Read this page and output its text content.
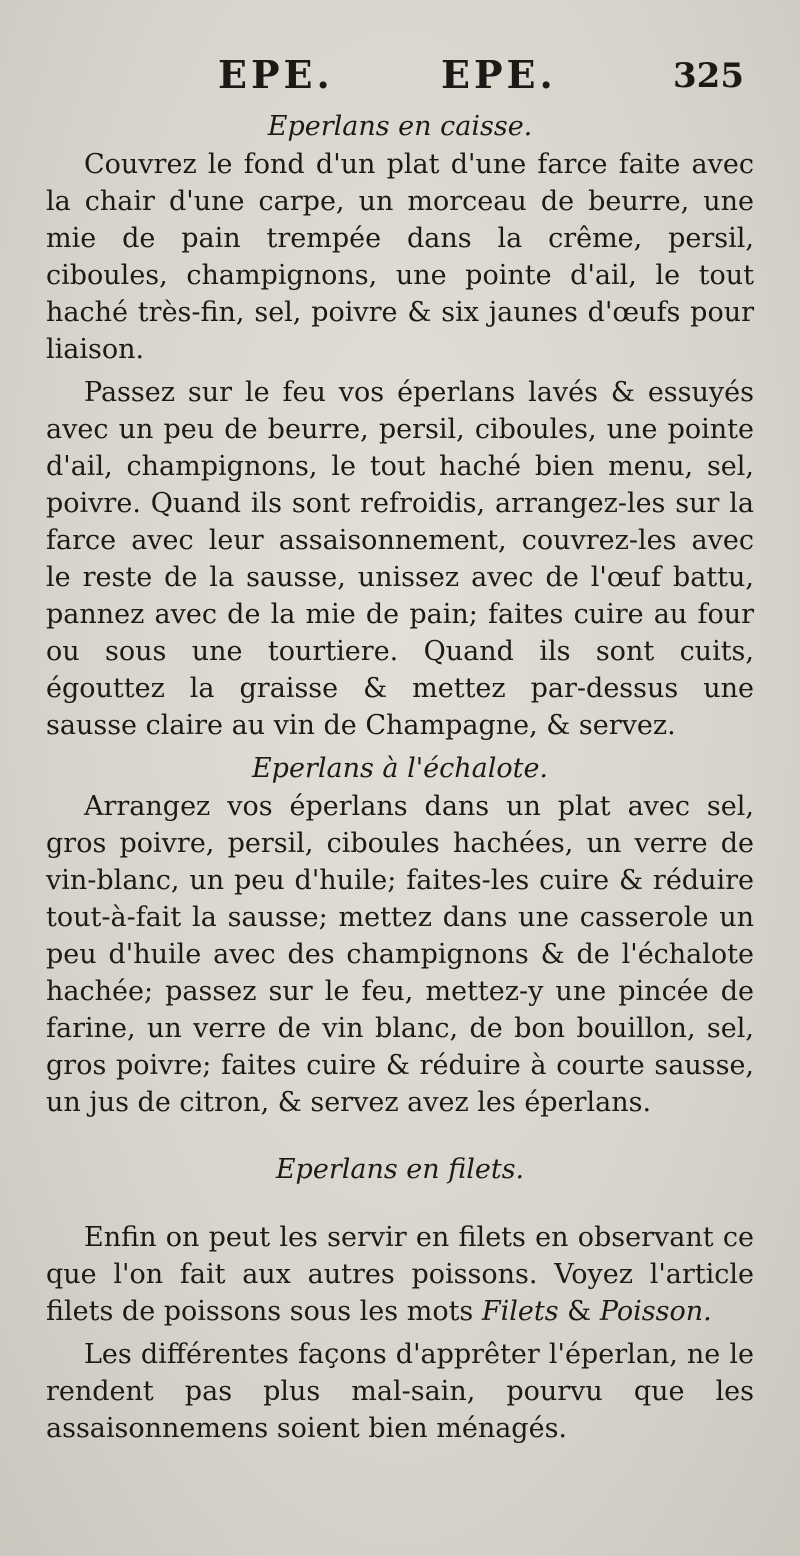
EPE.	EPE.	325

Eperlans en caisse.

Couvrez le fond d'un plat d'une farce faite avec la chair d'une carpe, un morceau de beurre, une mie de pain trempée dans la crême, persil, ciboules, champignons, une pointe d'ail, le tout haché très-fin, sel, poivre & six jaunes d'œufs pour liaison.

Passez sur le feu vos éperlans lavés & essuyés avec un peu de beurre, persil, ciboules, une pointe d'ail, champignons, le tout haché bien menu, sel, poivre. Quand ils sont refroidis, arrangez-les sur la farce avec leur assaisonnement, couvrez-les avec le reste de la sausse, unissez avec de l'œuf battu, pannez avec de la mie de pain; faites cuire au four ou sous une tourtiere. Quand ils sont cuits, égouttez la graisse & mettez par-dessus une sausse claire au vin de Champagne, & servez.

Eperlans à l'échalote.

Arrangez vos éperlans dans un plat avec sel, gros poivre, persil, ciboules hachées, un verre de vin-blanc, un peu d'huile; faites-les cuire & réduire tout-à-fait la sausse; mettez dans une casserole un peu d'huile avec des champignons & de l'échalote hachée; passez sur le feu, mettez-y une pincée de farine, un verre de vin blanc, de bon bouillon, sel, gros poivre; faites cuire & réduire à courte sausse, un jus de citron, & servez avez les éperlans.

Eperlans en filets.

Enfin on peut les servir en filets en observant ce que l'on fait aux autres poissons. Voyez l'article filets de poissons sous les mots Filets & Poisson.

Les différentes façons d'apprêter l'éperlan, ne le rendent pas plus mal-sain, pourvu que les assaisonnemens soient bien ménagés.
